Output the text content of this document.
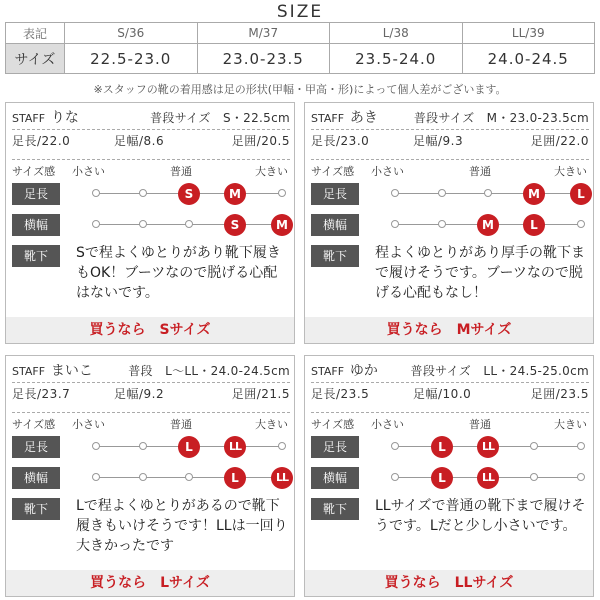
SIZE
表記	S/36	M/37	L/38	LL/39
サイズ	22.5-23.0	23.0-23.5	23.5-24.0	24.0-24.5
※スタッフの靴の着用感は足の形状(甲幅・甲高・形)によって個人差がございます。
STAFF りな	普段サイズ　S・22.5cm
足長/22.0	足幅/8.6	足囲/20.5
サイズ感 小さい	普通	大きい
足長	S	M
横幅	S	M
靴下	Sで程よくゆとりがあり靴下履きもOK！ブーツなので脱げる心配はないです。
買うなら　Sサイズ
STAFF あき	普段サイズ　M・23.0-23.5cm
足長/23.0	足幅/9.3	足囲/22.0
サイズ感 小さい	普通	大きい
足長	M	L
横幅	M	L
靴下	程よくゆとりがあり厚手の靴下まで履けそうです。ブーツなので脱げる心配もなし！
買うなら　Mサイズ
STAFF まいこ	普段　L〜LL・24.0-24.5cm
足長/23.7	足幅/9.2	足囲/21.5
サイズ感 小さい	普通	大きい
足長	L	LL
横幅	L	LL
靴下	Lで程よくゆとりがあるので靴下履きもいけそうです！LLは一回り大きかったです
買うなら　Lサイズ
STAFF ゆか	普段サイズ　LL・24.5-25.0cm
足長/23.5	足幅/10.0	足囲/23.5
サイズ感 小さい	普通	大きい
足長	L	LL
横幅	L	LL
靴下	LLサイズで普通の靴下まで履けそうです。Lだと少し小さいです。
買うなら　LLサイズ
